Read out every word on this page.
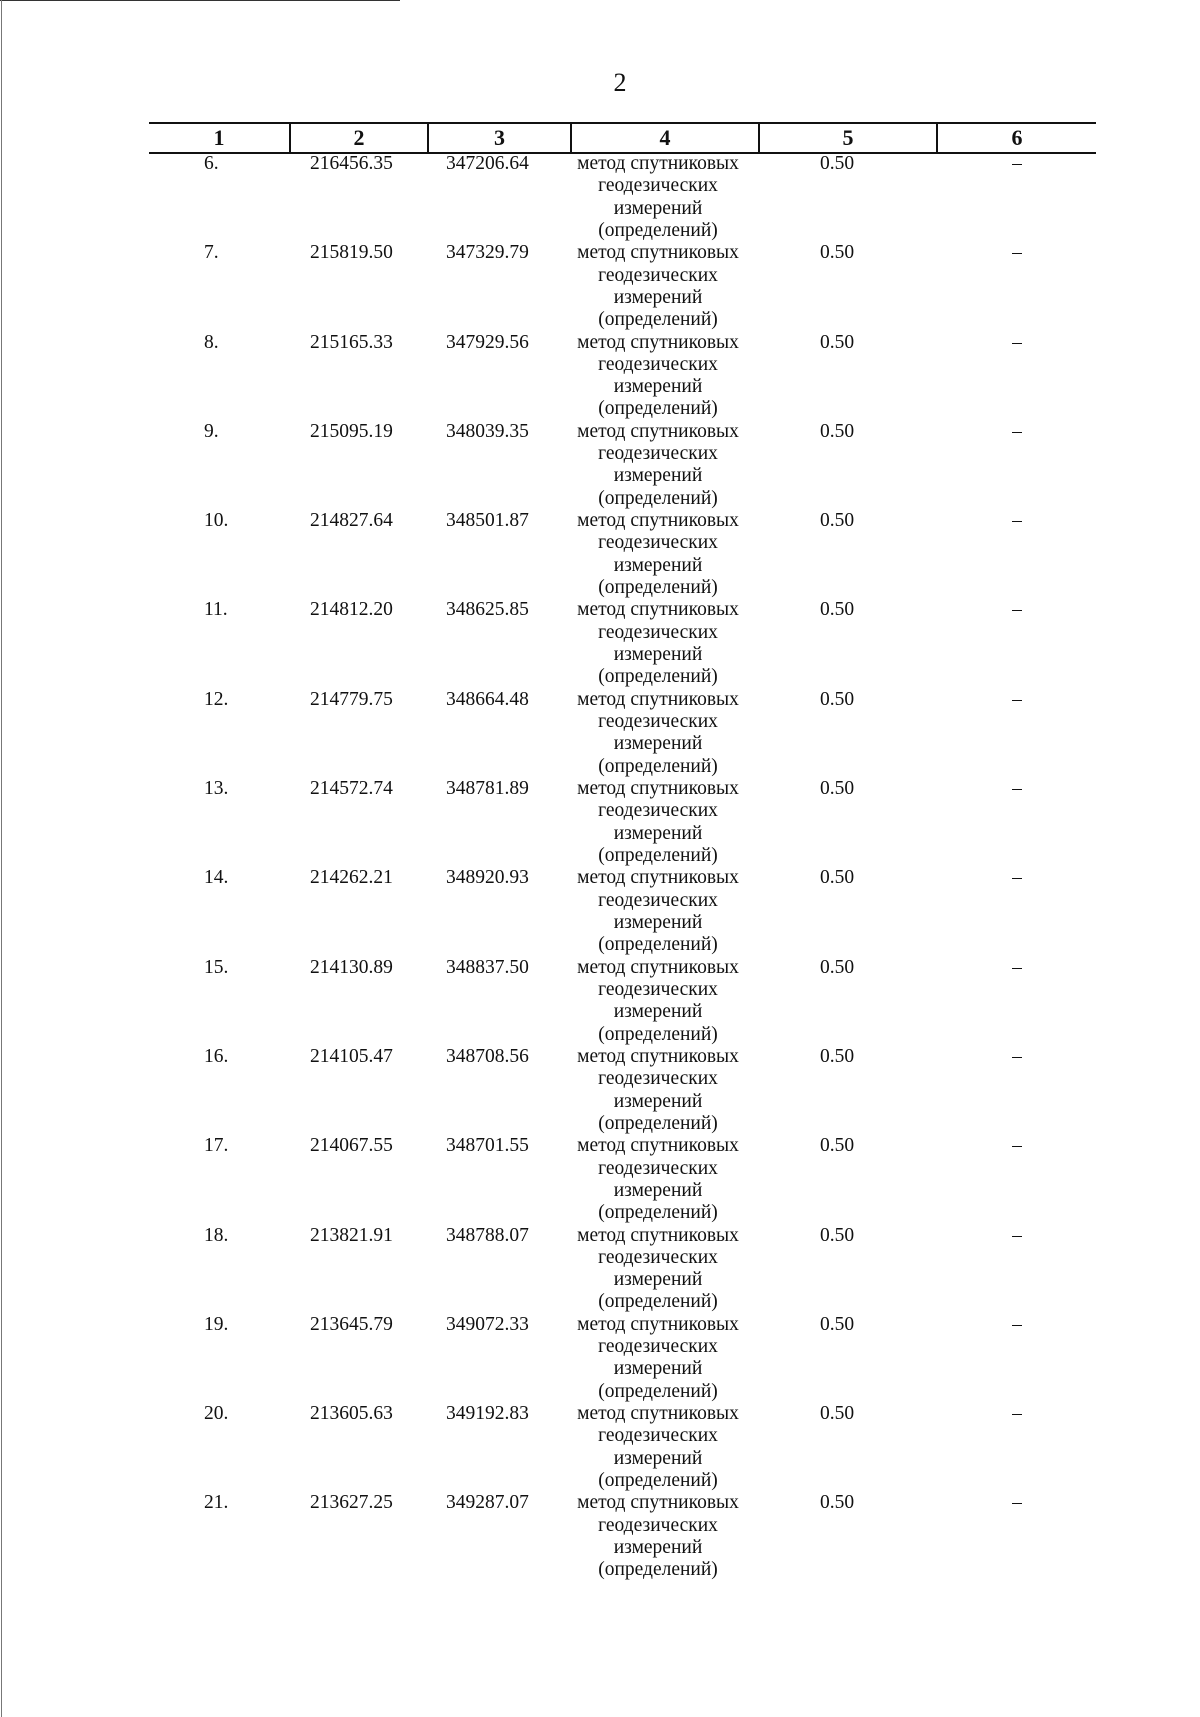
2
1	2	3	4	5	6
6.	216456.35	347206.64	метод спутниковых
геодезических
измерений
(определений)
0.50	–
7.	215819.50	347329.79	метод спутниковых
геодезических
измерений
(определений)
0.50	–
8.	215165.33	347929.56	метод спутниковых
геодезических
измерений
(определений)
0.50	–
9.	215095.19	348039.35	метод спутниковых
геодезических
измерений
(определений)
0.50	–
10.	214827.64	348501.87	метод спутниковых
геодезических
измерений
(определений)
0.50	–
11.	214812.20	348625.85	метод спутниковых
геодезических
измерений
(определений)
0.50	–
12.	214779.75	348664.48	метод спутниковых
геодезических
измерений
(определений)
0.50	–
13.	214572.74	348781.89	метод спутниковых
геодезических
измерений
(определений)
0.50	–
14.	214262.21	348920.93	метод спутниковых
геодезических
измерений
(определений)
0.50	–
15.	214130.89	348837.50	метод спутниковых
геодезических
измерений
(определений)
0.50	–
16.	214105.47	348708.56	метод спутниковых
геодезических
измерений
(определений)
0.50	–
17.	214067.55	348701.55	метод спутниковых
геодезических
измерений
(определений)
0.50	–
18.	213821.91	348788.07	метод спутниковых
геодезических
измерений
(определений)
0.50	–
19.	213645.79	349072.33	метод спутниковых
геодезических
измерений
(определений)
0.50	–
20.	213605.63	349192.83	метод спутниковых
геодезических
измерений
(определений)
0.50	–
21.	213627.25	349287.07	метод спутниковых
геодезических
измерений
(определений)
0.50	–
